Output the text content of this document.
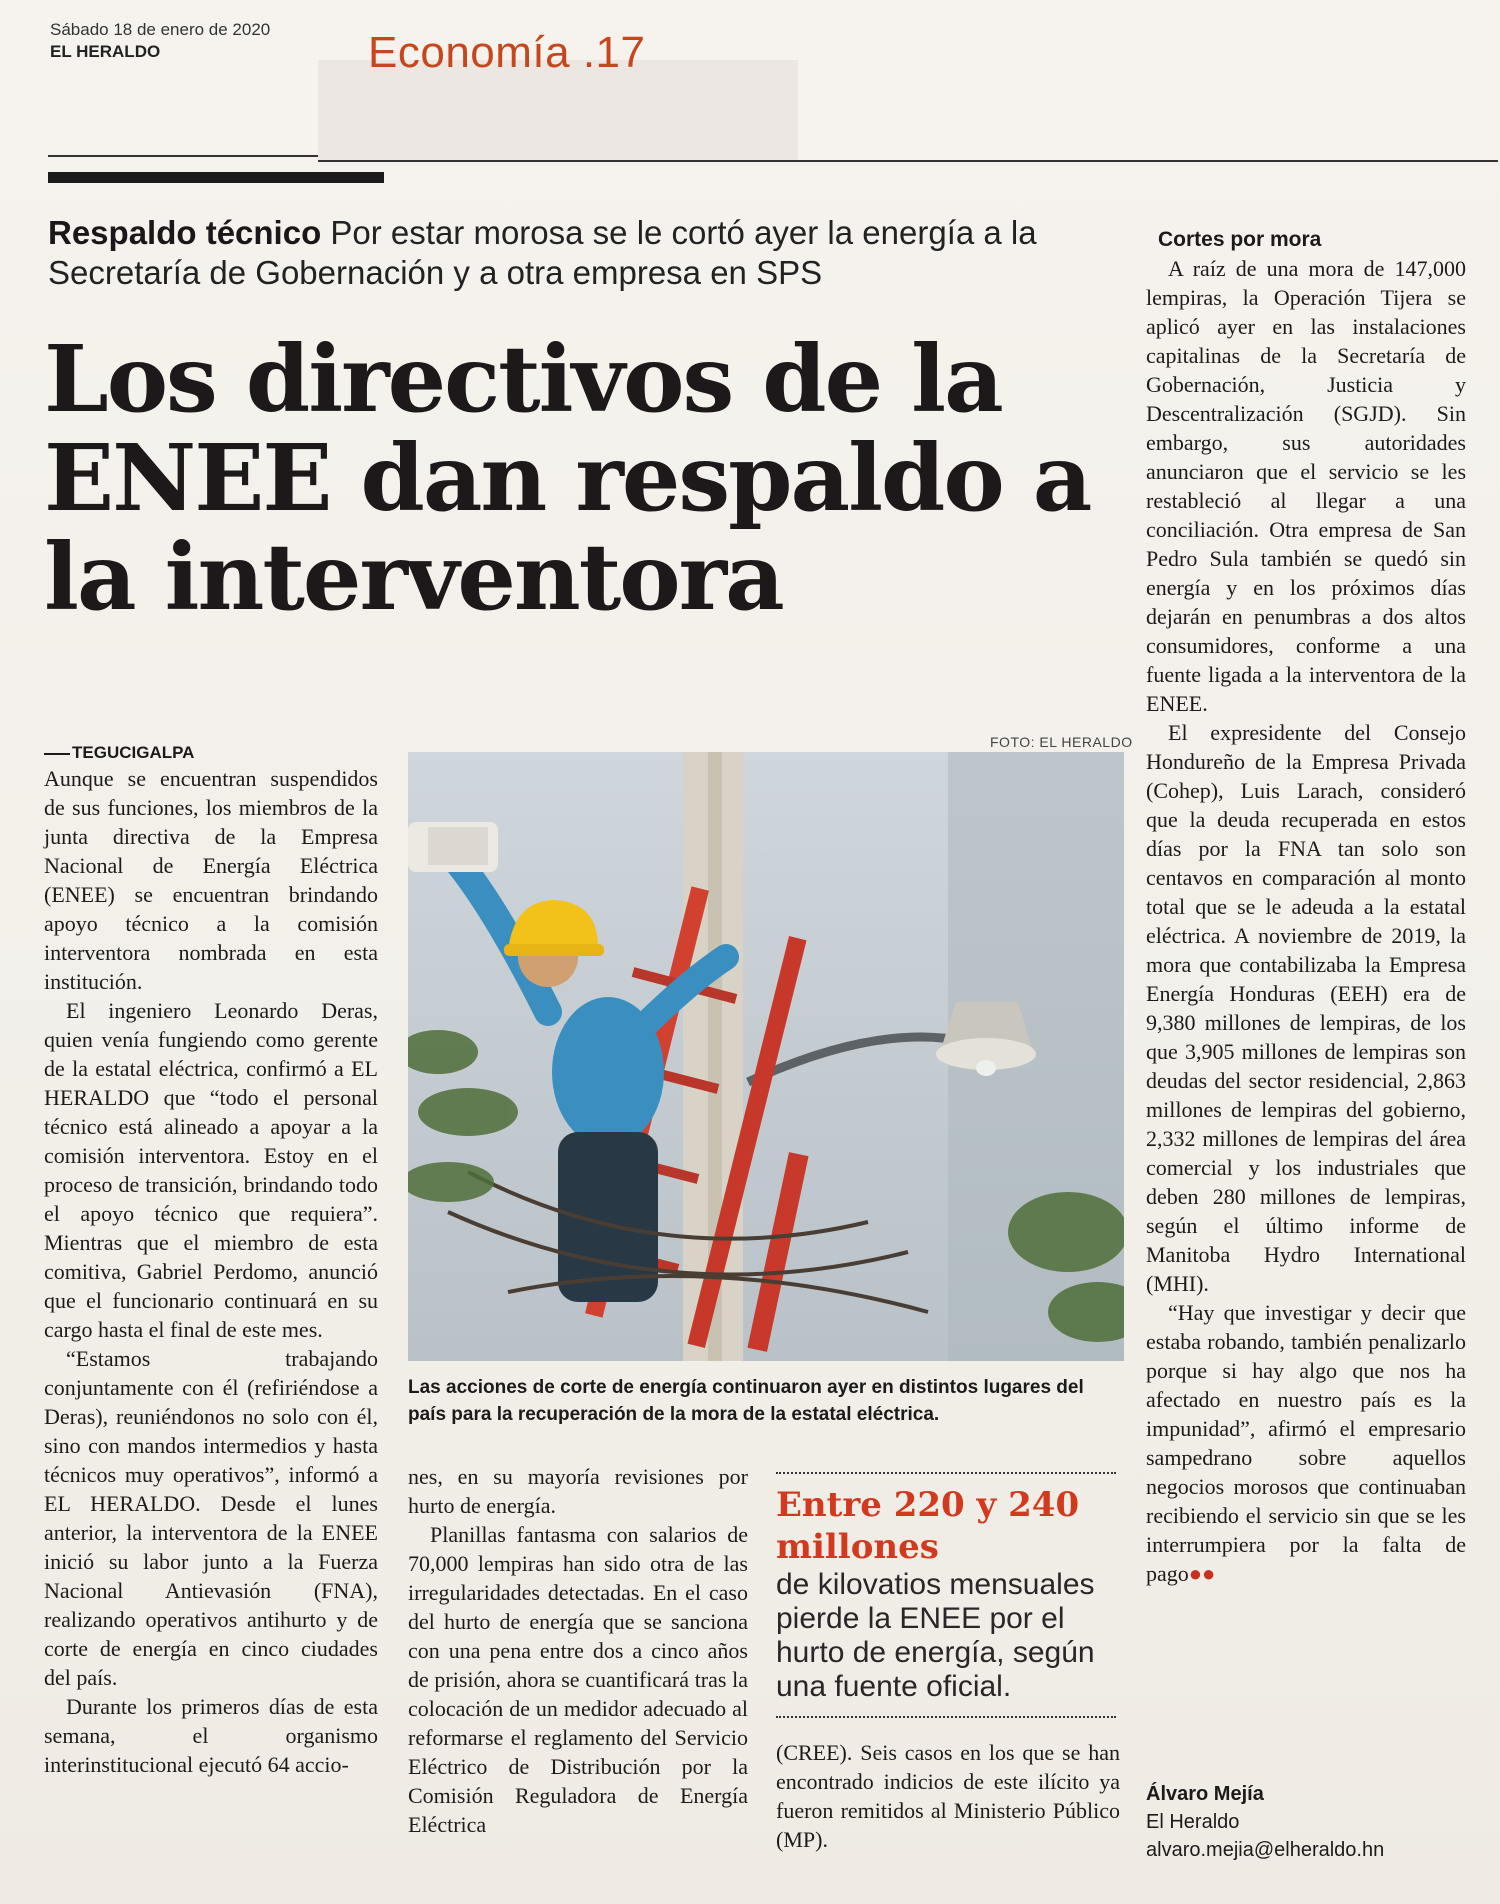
Sábado 18 de enero de 2020
EL HERALDO	Economía .17
Respaldo técnico Por estar morosa se le cortó ayer la energía a la Secretaría de Gobernación y a otra empresa en SPS
Los directivos de la ENEE dan respaldo a la interventora
TEGUCIGALPA

Aunque se encuentran suspendidos de sus funciones, los miembros de la junta directiva de la Empresa Nacional de Energía Eléctrica (ENEE) se encuentran brindando apoyo técnico a la comisión interventora nombrada en esta institución.

El ingeniero Leonardo Deras, quien venía fungiendo como gerente de la estatal eléctrica, confirmó a EL HERALDO que “todo el personal técnico está alineado a apoyar a la comisión interventora. Estoy en el proceso de transición, brindando todo el apoyo técnico que requiera”. Mientras que el miembro de esta comitiva, Gabriel Perdomo, anunció que el funcionario continuará en su cargo hasta el final de este mes.

“Estamos trabajando conjuntamente con él (refiriéndose a Deras), reuniéndonos no solo con él, sino con mandos intermedios y hasta técnicos muy operativos”, informó a EL HERALDO. Desde el lunes anterior, la interventora de la ENEE inició su labor junto a la Fuerza Nacional Antievasión (FNA), realizando operativos antihurto y de corte de energía en cinco ciudades del país.

Durante los primeros días de esta semana, el organismo interinstitucional ejecutó 64 accio-

FOTO: EL HERALDO
Las acciones de corte de energía continuaron ayer en distintos lugares del país para la recuperación de la mora de la estatal eléctrica.

nes, en su mayoría revisiones por hurto de energía.

Planillas fantasma con salarios de 70,000 lempiras han sido otra de las irregularidades detectadas. En el caso del hurto de energía que se sanciona con una pena entre dos a cinco años de prisión, ahora se cuantificará tras la colocación de un medidor adecuado al reformarse el reglamento del Servicio Eléctrico de Distribución por la Comisión Reguladora de Energía Eléctrica

Entre 220 y 240 millones
de kilovatios mensuales pierde la ENEE por el hurto de energía, según una fuente oficial.

(CREE). Seis casos en los que se han encontrado indicios de este ilícito ya fueron remitidos al Ministerio Público (MP).

Cortes por mora

A raíz de una mora de 147,000 lempiras, la Operación Tijera se aplicó ayer en las instalaciones capitalinas de la Secretaría de Gobernación, Justicia y Descentralización (SGJD). Sin embargo, sus autoridades anunciaron que el servicio se les restableció al llegar a una conciliación. Otra empresa de San Pedro Sula también se quedó sin energía y en los próximos días dejarán en penumbras a dos altos consumidores, conforme a una fuente ligada a la interventora de la ENEE.

El expresidente del Consejo Hondureño de la Empresa Privada (Cohep), Luis Larach, consideró que la deuda recuperada en estos días por la FNA tan solo son centavos en comparación al monto total que se le adeuda a la estatal eléctrica. A noviembre de 2019, la mora que contabilizaba la Empresa Energía Honduras (EEH) era de 9,380 millones de lempiras, de los que 3,905 millones de lempiras son deudas del sector residencial, 2,863 millones de lempiras del gobierno, 2,332 millones de lempiras del área comercial y los industriales que deben 280 millones de lempiras, según el último informe de Manitoba Hydro International (MHI).

“Hay que investigar y decir que estaba robando, también penalizarlo porque si hay algo que nos ha afectado en nuestro país es la impunidad”, afirmó el empresario sampedrano sobre aquellos negocios morosos que continuaban recibiendo el servicio sin que se les interrumpiera por la falta de pago●●

Álvaro Mejía
El Heraldo
alvaro.mejia@elheraldo.hn
